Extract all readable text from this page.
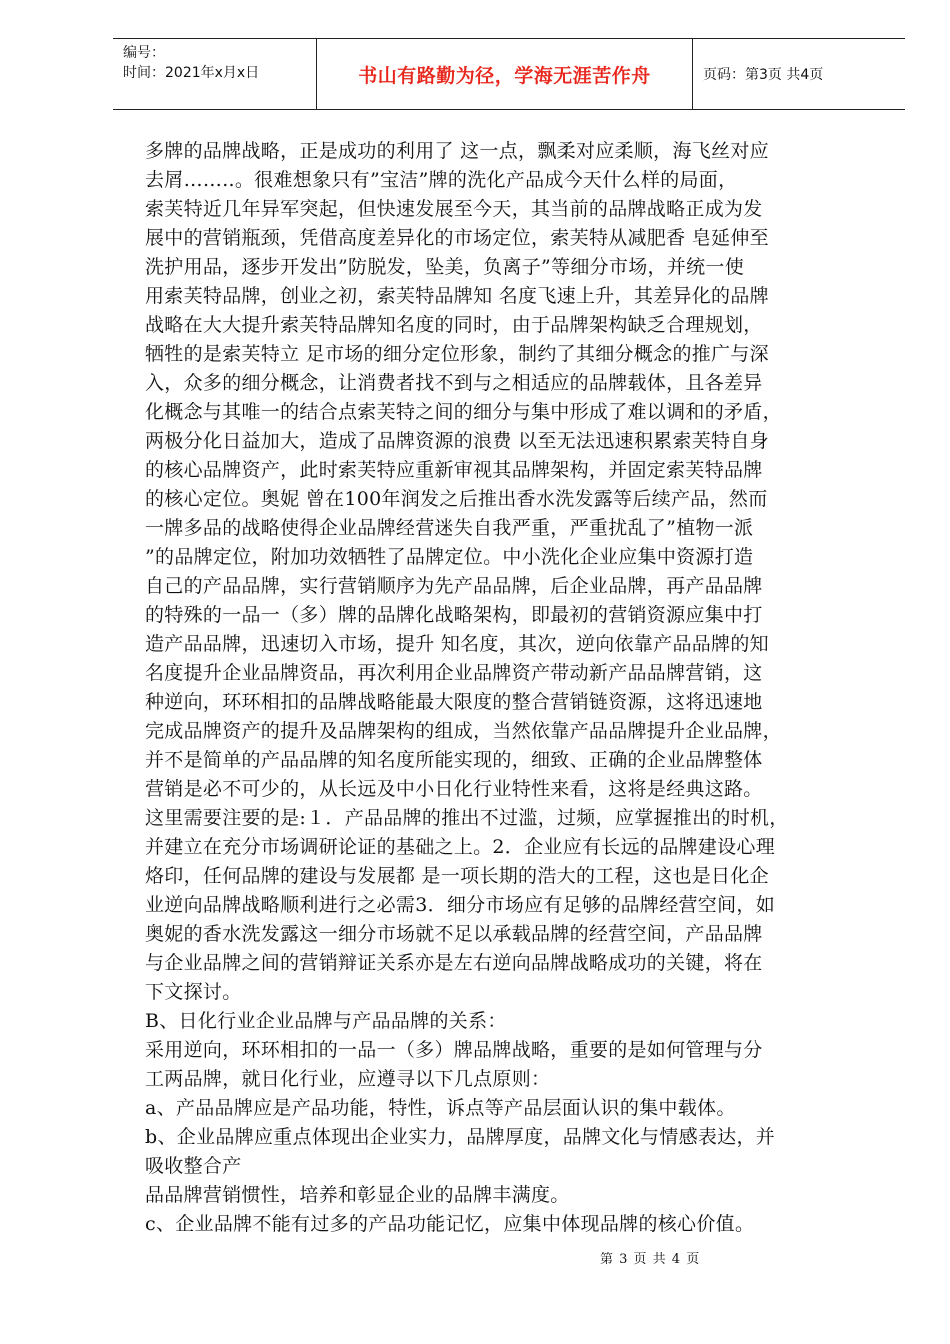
编号：
时间：2021年x月x日	书山有路勤为径，学海无涯苦作舟	页码：第3页 共4页

多牌的品牌战略，正是成功的利用了 这一点，飘柔对应柔顺，海飞丝对应

去屑……..。很难想象只有”宝洁”牌的洗化产品成今天什么样的局面，

索芙特近几年异军突起，但快速发展至今天，其当前的品牌战略正成为发

展中的营销瓶颈，凭借高度差异化的市场定位，索芙特从减肥香 皂延伸至

洗护用品，逐步开发出”防脱发，坠美，负离子”等细分市场，并统一使

用索芙特品牌，创业之初，索芙特品牌知 名度飞速上升，其差异化的品牌

战略在大大提升索芙特品牌知名度的同时，由于品牌架构缺乏合理规划，

牺牲的是索芙特立 足市场的细分定位形象，制约了其细分概念的推广与深

入，众多的细分概念，让消费者找不到与之相适应的品牌载体，且各差异

化概念与其唯一的结合点索芙特之间的细分与集中形成了难以调和的矛盾，

两极分化日益加大，造成了品牌资源的浪费 以至无法迅速积累索芙特自身

的核心品牌资产，此时索芙特应重新审视其品牌架构，并固定索芙特品牌

的核心定位。奥妮 曾在100年润发之后推出香水洗发露等后续产品，然而

一牌多品的战略使得企业品牌经营迷失自我严重，严重扰乱了”植物一派

”的品牌定位，附加功效牺牲了品牌定位。中小洗化企业应集中资源打造

自己的产品品牌，实行营销顺序为先产品品牌，后企业品牌，再产品品牌

的特殊的一品一（多）牌的品牌化战略架构，即最初的营销资源应集中打

造产品品牌，迅速切入市场，提升 知名度，其次，逆向依靠产品品牌的知

名度提升企业品牌资品，再次利用企业品牌资产带动新产品品牌营销，这

种逆向，环环相扣的品牌战略能最大限度的整合营销链资源，这将迅速地

完成品牌资产的提升及品牌架构的组成，当然依靠产品品牌提升企业品牌，

并不是简单的产品品牌的知名度所能实现的，细致、正确的企业品牌整体

营销是必不可少的，从长远及中小日化行业特性来看，这将是经典这路。

这里需要注要的是:１．产品品牌的推出不过滥，过频，应掌握推出的时机，

并建立在充分市场调研论证的基础之上。2．企业应有长远的品牌建设心理

烙印，任何品牌的建设与发展都 是一项长期的浩大的工程，这也是日化企

业逆向品牌战略顺利进行之必需3．细分市场应有足够的品牌经营空间，如

奥妮的香水洗发露这一细分市场就不足以承载品牌的经营空间，产品品牌

与企业品牌之间的营销辩证关系亦是左右逆向品牌战略成功的关键，将在

下文探讨。

B、日化行业企业品牌与产品品牌的关系：

采用逆向，环环相扣的一品一（多）牌品牌战略，重要的是如何管理与分

工两品牌，就日化行业，应遵寻以下几点原则：

a、产品品牌应是产品功能，特性，诉点等产品层面认识的集中载体。

b、企业品牌应重点体现出企业实力，品牌厚度，品牌文化与情感表达，并

吸收整合产

品品牌营销惯性，培养和彰显企业的品牌丰满度。

c、企业品牌不能有过多的产品功能记忆，应集中体现品牌的核心价值。

第 3 页 共 4 页
